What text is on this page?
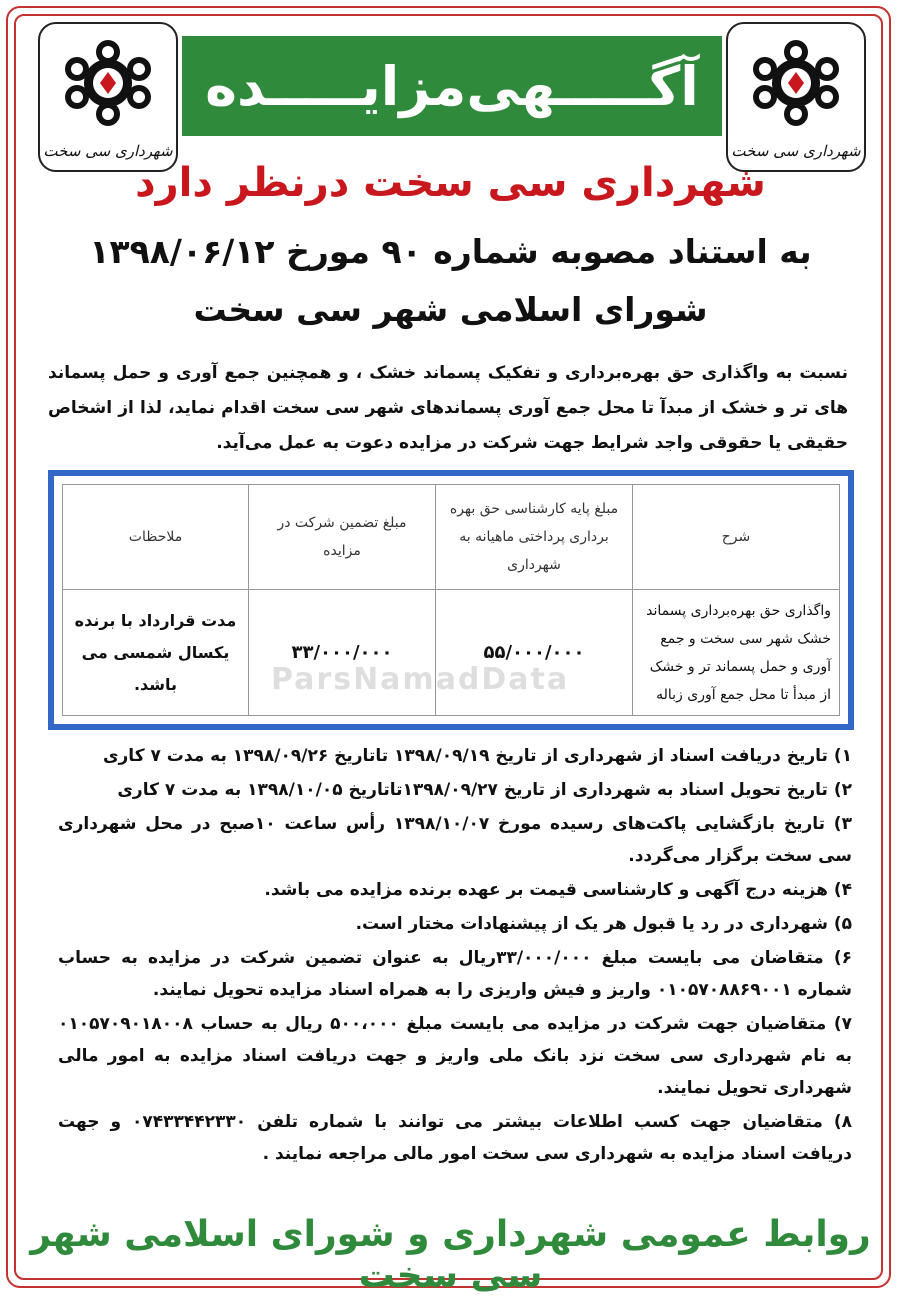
شهرداری سی سخت	شهرداری سی سخت
آگـــــهی‌مزایـــــده
شهرداری سی سخت درنظر دارد
به استناد مصوبه شماره ۹۰ مورخ ۱۳۹۸/۰۶/۱۲
شورای اسلامی شهر سی سخت
نسبت به واگذاری حق بهره‌برداری و تفکیک پسماند خشک ، و همچنین جمع آوری و حمل پسماند های تر و خشک از مبدآ تا محل جمع آوری پسماندهای شهر سی سخت اقدام نماید، لذا از اشخاص حقیقی یا حقوقی واجد شرایط جهت شرکت در مزایده دعوت به عمل می‌آید.
شرح	مبلغ پایه کارشناسی حق بهره برداری پرداختی ماهیانه به شهرداری	مبلغ تضمین شرکت در مزایده	ملاحظات
واگذاری حق بهره‌برداری پسماند خشک شهر سی سخت و جمع آوری و حمل پسماند تر و خشک از مبدأ تا محل جمع آوری زباله	۵۵/۰۰۰/۰۰۰	۳۳/۰۰۰/۰۰۰	مدت قرارداد با برنده یکسال شمسی می باشد.	ParsNamadData
۱) تاریخ دریافت اسناد از شهرداری از تاریخ ۱۳۹۸/۰۹/۱۹ تاتاریخ ۱۳۹۸/۰۹/۲۶ به مدت ۷ کاری
۲) تاریخ تحویل اسناد به شهرداری از تاریخ ۱۳۹۸/۰۹/۲۷تاتاریخ ۱۳۹۸/۱۰/۰۵ به مدت ۷ کاری
۳) تاریخ بازگشایی پاکت‌های رسیده مورخ ۱۳۹۸/۱۰/۰۷ رأس ساعت ۱۰صبح در محل شهرداری سی سخت برگزار می‌گردد.
۴) هزینه درج آگهی و کارشناسی قیمت بر عهده برنده مزایده می باشد.
۵) شهرداری در رد یا قبول هر یک از پیشنهادات مختار است.
۶) متقاضان می بایست مبلغ ۳۳/۰۰۰/۰۰۰ریال به عنوان تضمین شرکت در مزایده به حساب شماره ۰۱۰۵۷۰۸۸۶۹۰۰۱ واریز و فیش واریزی را به همراه اسناد مزایده تحویل نمایند.
۷) متقاضیان جهت شرکت در مزایده می بایست مبلغ ۵۰۰،۰۰۰ ریال به حساب ۰۱۰۵۷۰۹۰۱۸۰۰۸ به نام شهرداری سی سخت نزد بانک ملی واریز و جهت دریافت اسناد مزایده به امور مالی شهرداری تحویل نمایند.
۸) متقاضیان جهت کسب اطلاعات بیشتر می توانند با شماره تلفن ۰۷۴۳۳۴۴۲۳۳۰ و جهت دریافت اسناد مزایده به شهرداری سی سخت امور مالی مراجعه نمایند .
روابط عمومی شهرداری و شورای اسلامی شهر سی سخت
